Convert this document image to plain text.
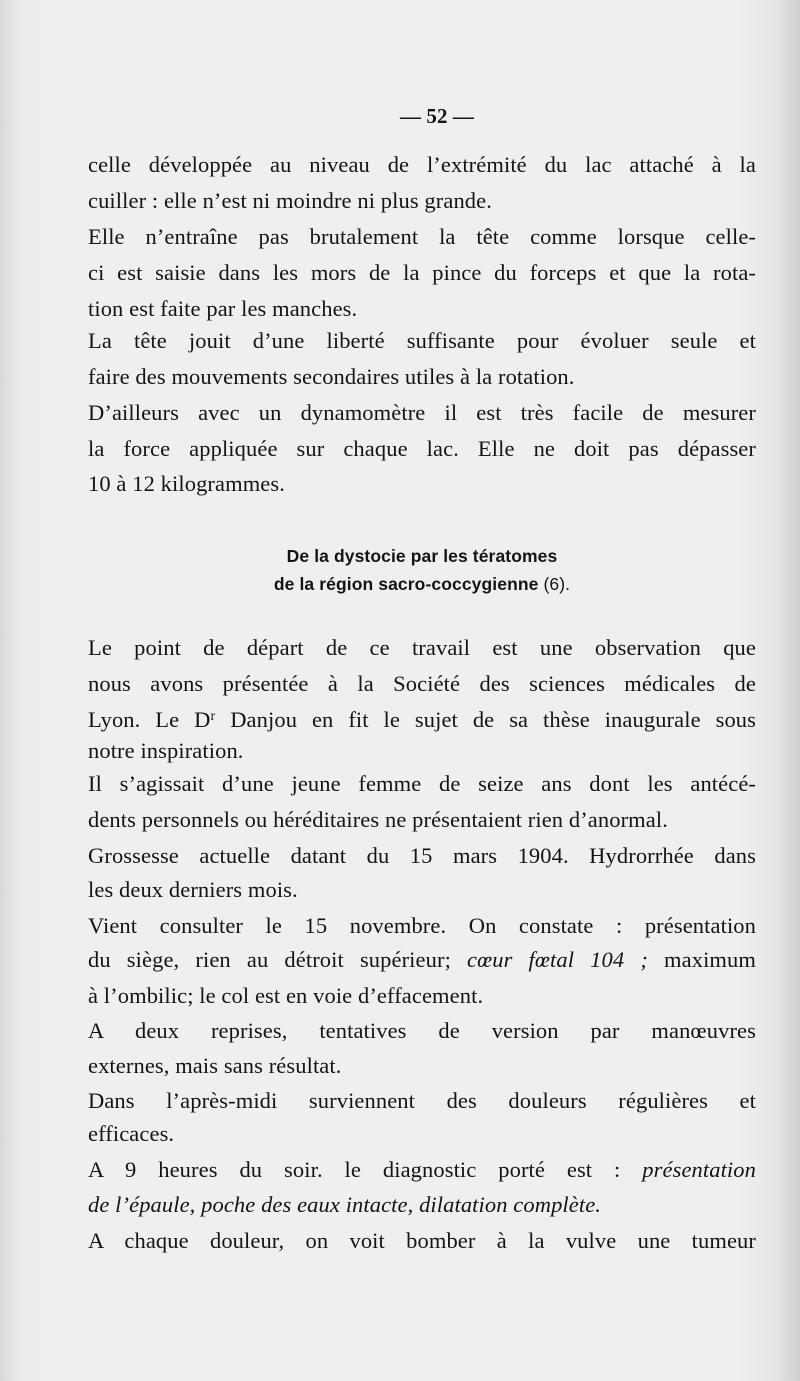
— 52 —
celle développée au niveau de l’extrémité du lac attaché à la
cuiller : elle n’est ni moindre ni plus grande.
Elle n’entraîne pas brutalement la tête comme lorsque celle-
ci est saisie dans les mors de la pince du forceps et que la rota-
tion est faite par les manches.
La tête jouit d’une liberté suffisante pour évoluer seule et
faire des mouvements secondaires utiles à la rotation.
D’ailleurs avec un dynamomètre il est très facile de mesurer
la force appliquée sur chaque lac. Elle ne doit pas dépasser
10 à 12 kilogrammes.
De la dystocie par les tératomes
de la région sacro-coccygienne (6).
Le point de départ de ce travail est une observation que
nous avons présentée à la Société des sciences médicales de
Lyon. Le $D^r$ Danjou en fit le sujet de sa thèse inaugurale sous
notre inspiration.
Il s’agissait d’une jeune femme de seize ans dont les antécé-
dents personnels ou héréditaires ne présentaient rien d’anormal.
Grossesse actuelle datant du 15 mars 1904. Hydrorrhée dans
les deux derniers mois.
Vient consulter le 15 novembre. On constate : présentation
du siège, rien au détroit supérieur; cœur fœtal 104 ; maximum
à l’ombilic; le col est en voie d’effacement.
A deux reprises, tentatives de version par manœuvres
externes, mais sans résultat.
Dans l’après-midi surviennent des douleurs régulières et
efficaces.
A 9 heures du soir. le diagnostic porté est : présentation
de l’épaule, poche des eaux intacte, dilatation complète.
A chaque douleur, on voit bomber à la vulve une tumeur
